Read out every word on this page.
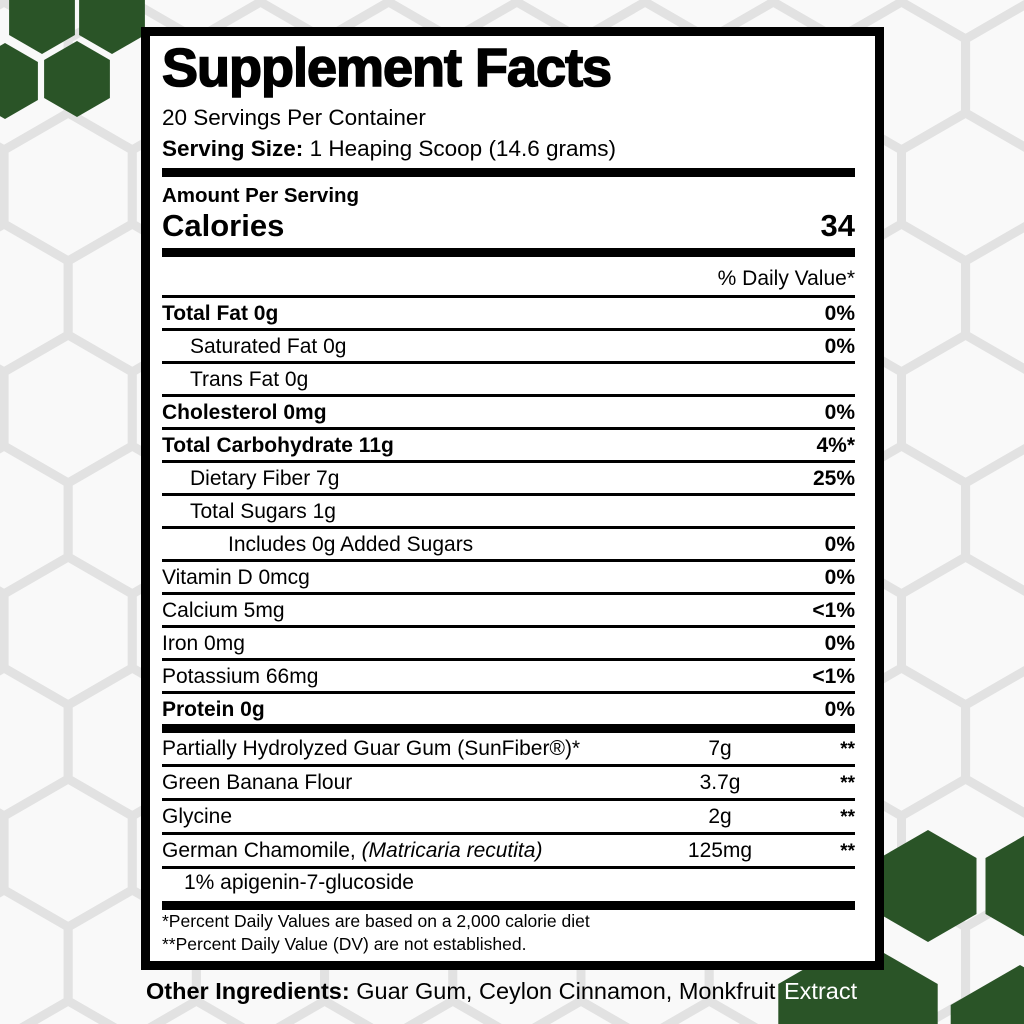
Supplement Facts
20 Servings Per Container
Serving Size: 1 Heaping Scoop (14.6 grams)
Amount Per Serving
Calories	34
% Daily Value*
Total Fat 0g	0%
Saturated Fat 0g	0%
Trans Fat 0g
Cholesterol 0mg	0%
Total Carbohydrate 11g	4%*
Dietary Fiber 7g	25%
Total Sugars 1g
Includes 0g Added Sugars	0%
Vitamin D 0mcg	0%
Calcium 5mg	<1%
Iron 0mg	0%
Potassium 66mg	<1%
Protein 0g	0%
Partially Hydrolyzed Guar Gum (SunFiber®)*	7g	**
Green Banana Flour	3.7g	**
Glycine	2g	**
German Chamomile, (Matricaria recutita)	125mg	**
1% apigenin-7-glucoside
*Percent Daily Values are based on a 2,000 calorie diet
**Percent Daily Value (DV) are not established.
Other Ingredients: Guar Gum, Ceylon Cinnamon, Monkfruit Extract
